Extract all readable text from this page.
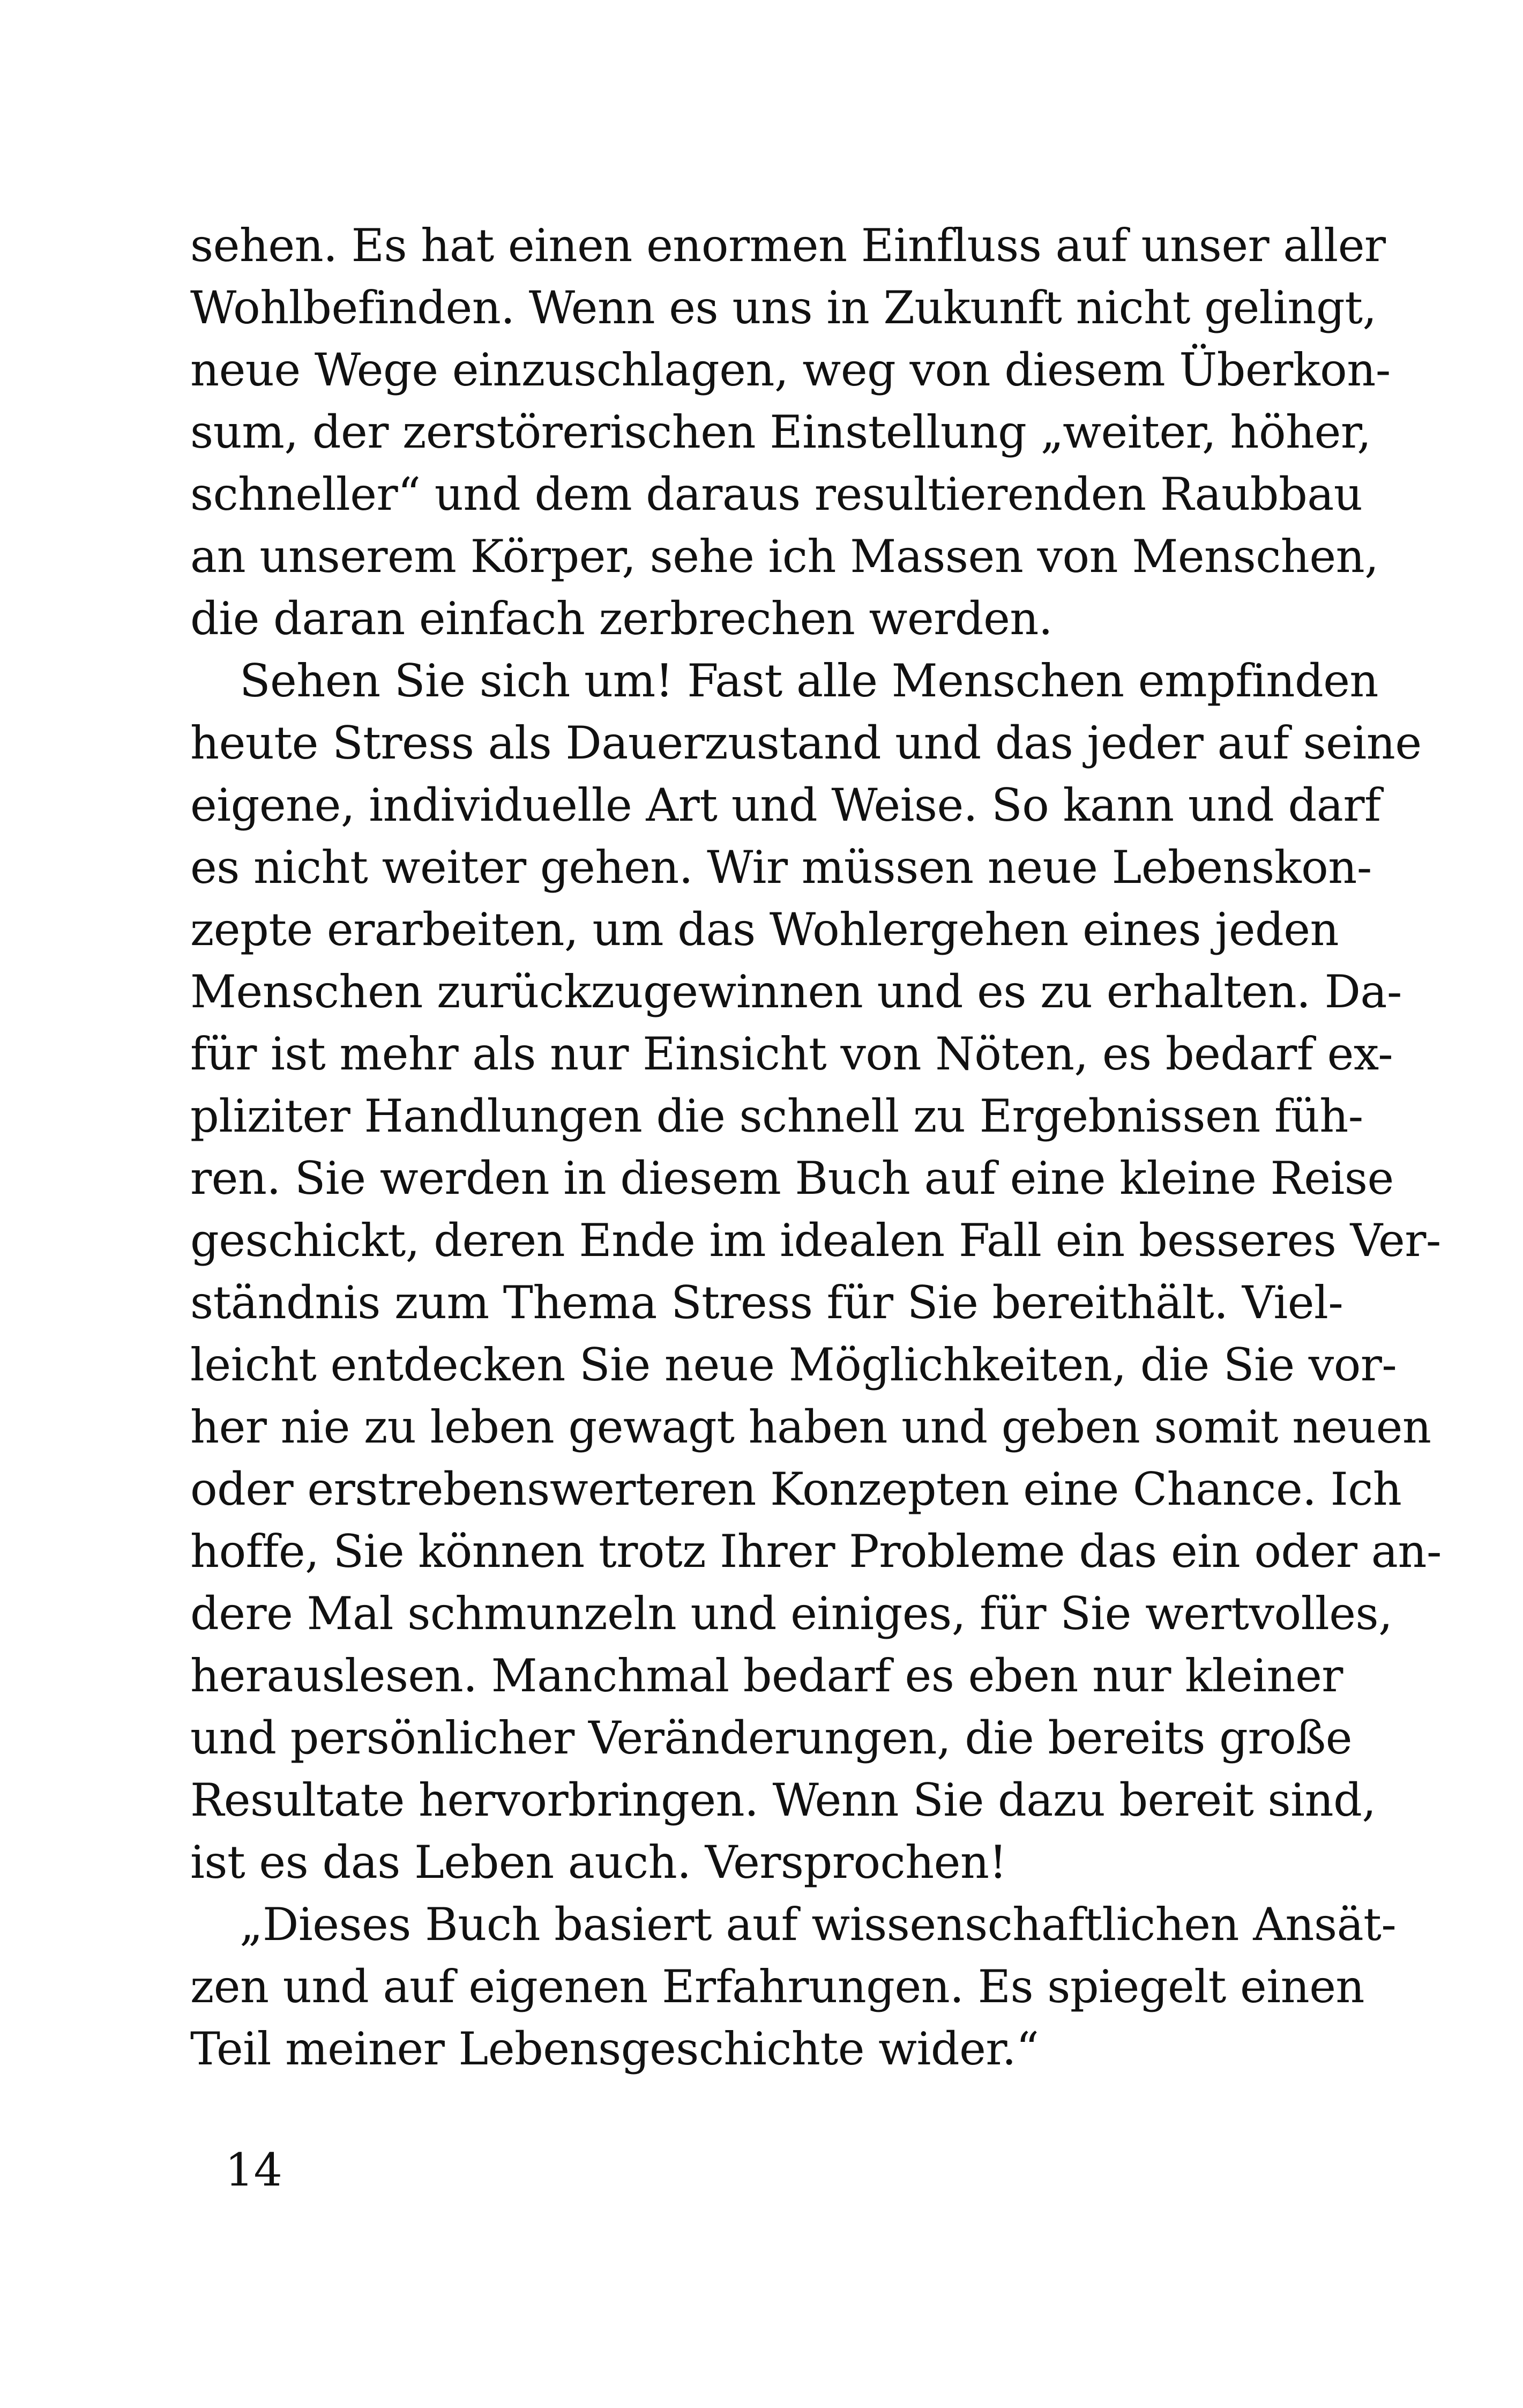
sehen. Es hat einen enormen Einfluss auf unser aller
Wohlbefinden. Wenn es uns in Zukunft nicht gelingt,
neue Wege einzuschlagen, weg von diesem Überkon-
sum, der zerstörerischen Einstellung „weiter, höher,
schneller“ und dem daraus resultierenden Raubbau
an unserem Körper, sehe ich Massen von Menschen,
die daran einfach zerbrechen werden.
Sehen Sie sich um! Fast alle Menschen empfinden
heute Stress als Dauerzustand und das jeder auf seine
eigene, individuelle Art und Weise. So kann und darf
es nicht weiter gehen. Wir müssen neue Lebenskon-
zepte erarbeiten, um das Wohlergehen eines jeden
Menschen zurückzugewinnen und es zu erhalten. Da-
für ist mehr als nur Einsicht von Nöten, es bedarf ex-
pliziter Handlungen die schnell zu Ergebnissen füh-
ren. Sie werden in diesem Buch auf eine kleine Reise
geschickt, deren Ende im idealen Fall ein besseres Ver-
ständnis zum Thema Stress für Sie bereithält. Viel-
leicht entdecken Sie neue Möglichkeiten, die Sie vor-
her nie zu leben gewagt haben und geben somit neuen
oder erstrebenswerteren Konzepten eine Chance. Ich
hoffe, Sie können trotz Ihrer Probleme das ein oder an-
dere Mal schmunzeln und einiges, für Sie wertvolles,
herauslesen. Manchmal bedarf es eben nur kleiner
und persönlicher Veränderungen, die bereits große
Resultate hervorbringen. Wenn Sie dazu bereit sind,
ist es das Leben auch. Versprochen!
„Dieses Buch basiert auf wissenschaftlichen Ansät-
zen und auf eigenen Erfahrungen. Es spiegelt einen
Teil meiner Lebensgeschichte wider.“
14
